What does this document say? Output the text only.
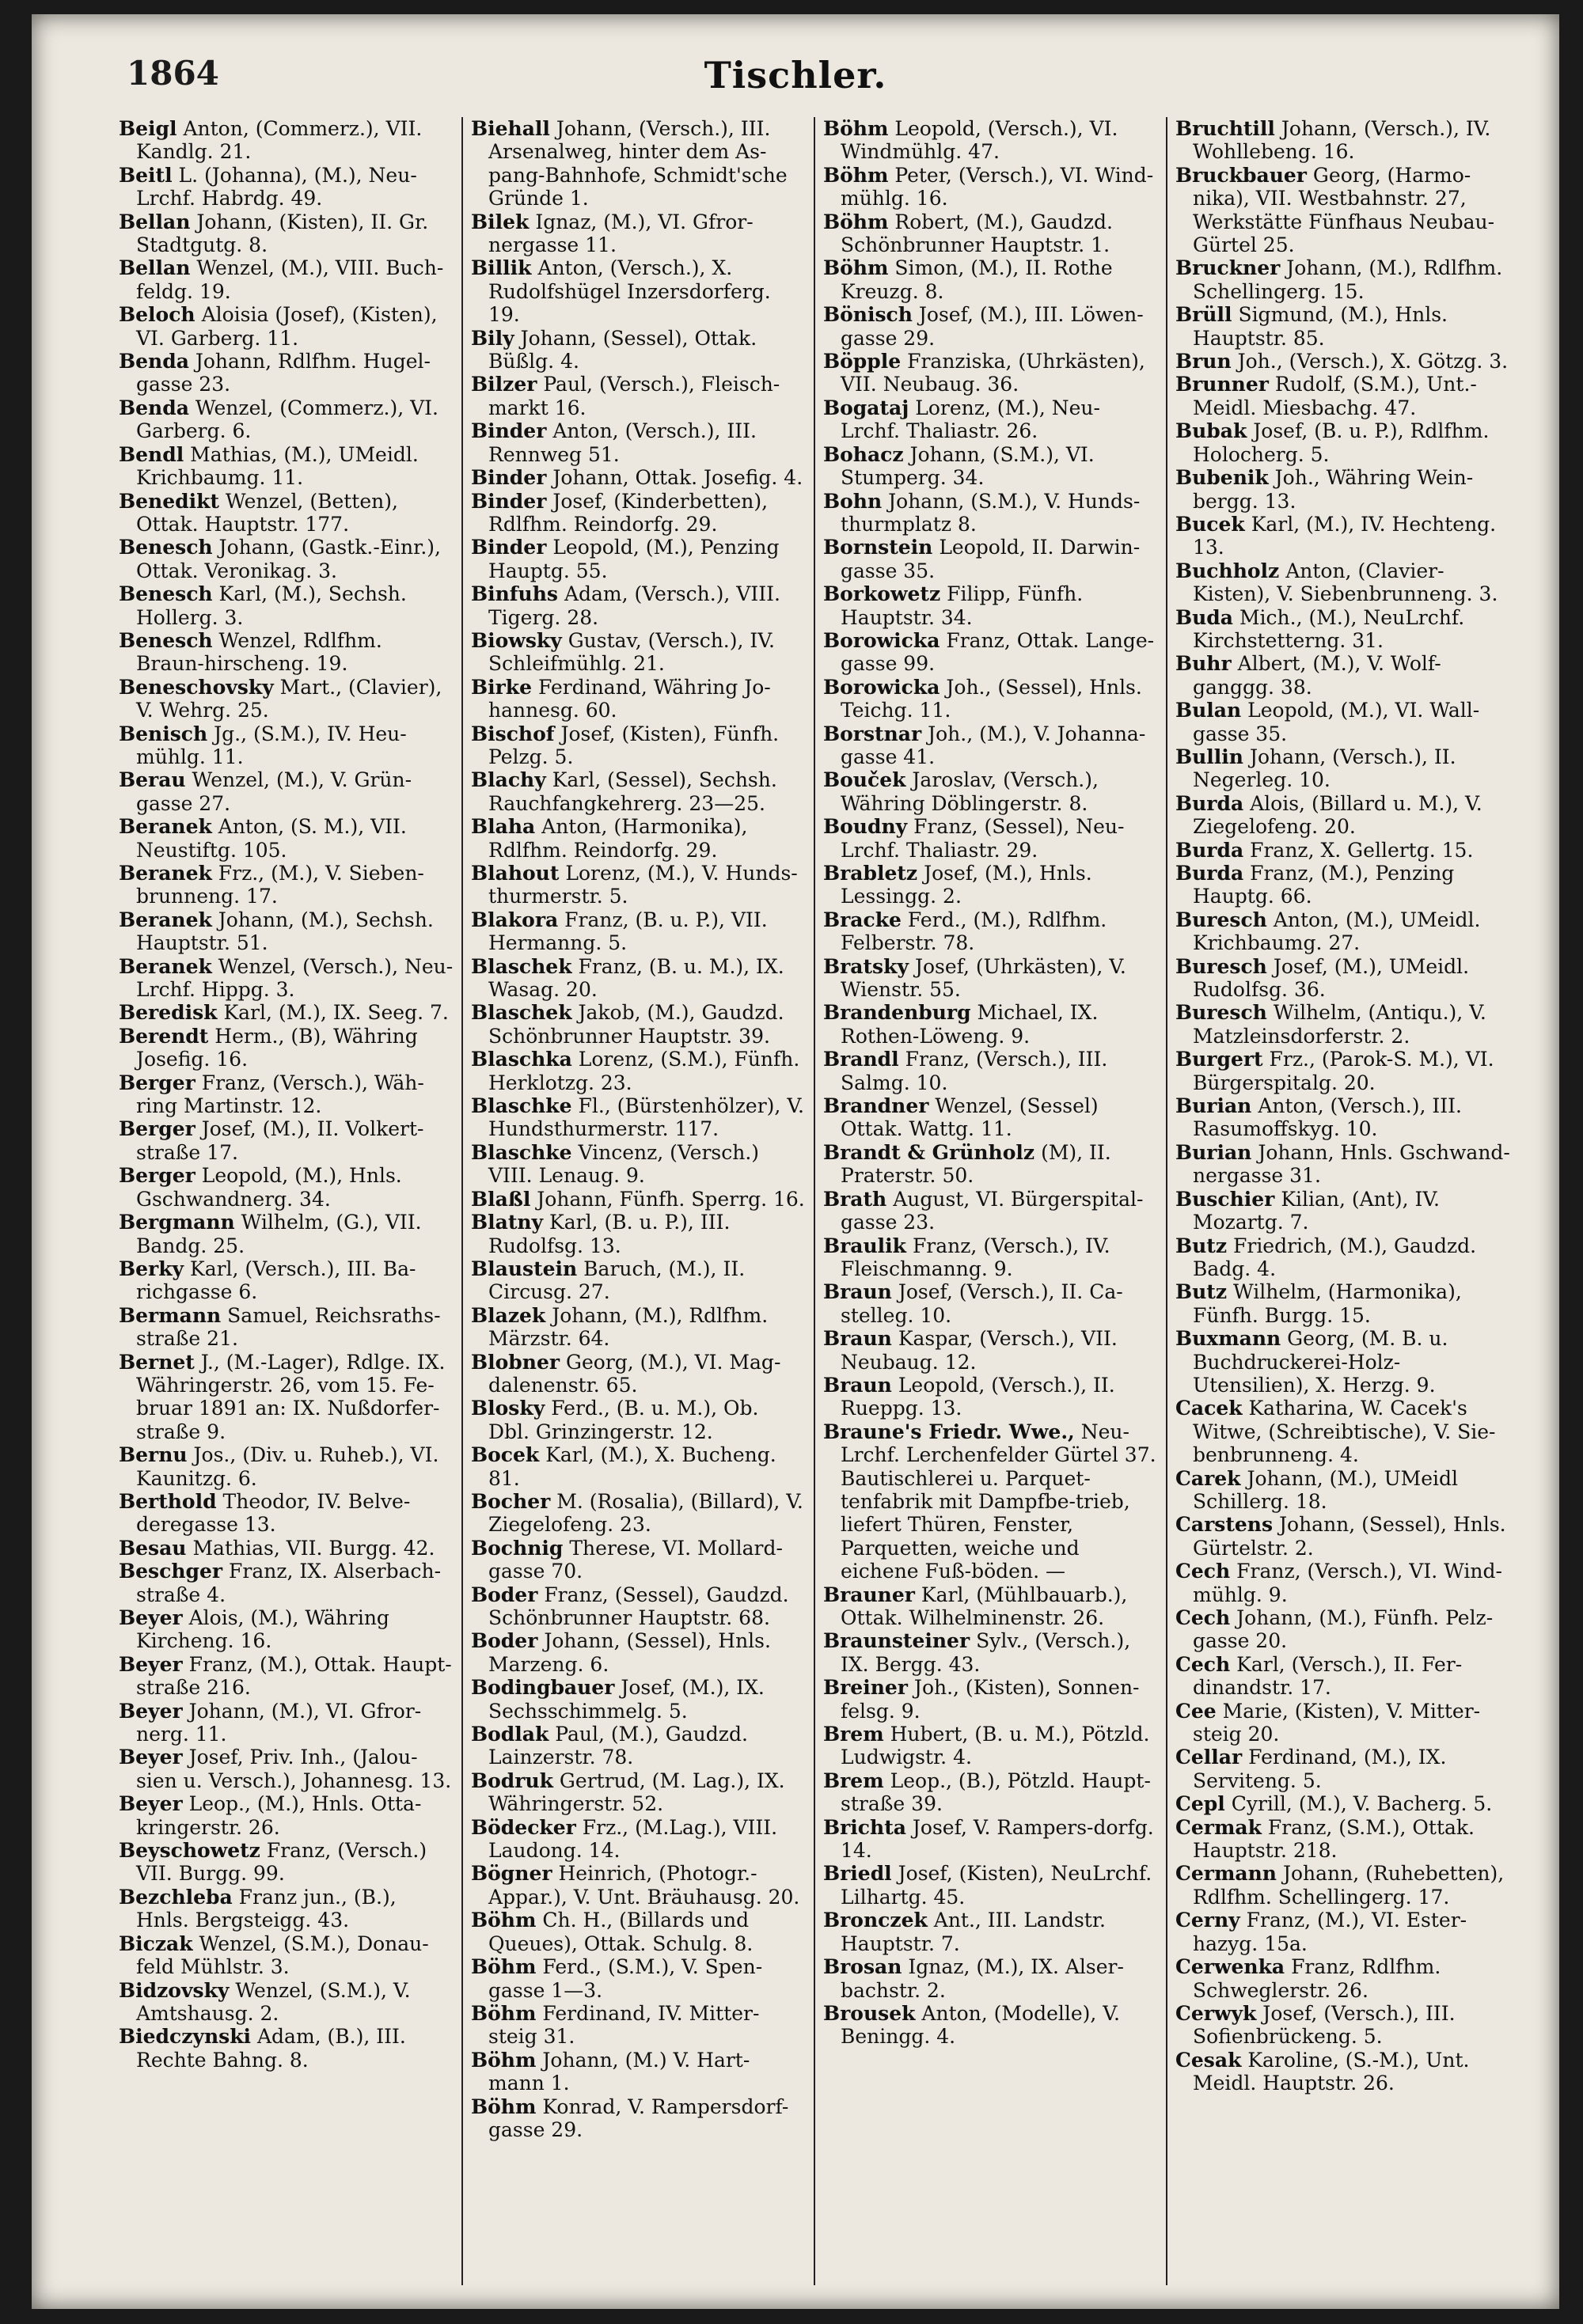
1864	Tischler.
Beigl Anton, (Commerz.), VII. Kandlg. 21.
Beitl L. (Johanna), (M.), Neu-Lrchf. Habrdg. 49.
Bellan Johann, (Kisten), II. Gr. Stadtgutg. 8.
Bellan Wenzel, (M.), VIII. Buch-feldg. 19.
Beloch Aloisia (Josef), (Kisten), VI. Garberg. 11.
Benda Johann, Rdlfhm. Hugel-gasse 23.
Benda Wenzel, (Commerz.), VI. Garberg. 6.
Bendl Mathias, (M.), UMeidl. Krichbaumg. 11.
Benedikt Wenzel, (Betten), Ottak. Hauptstr. 177.
Benesch Johann, (Gastk.-Einr.), Ottak. Veronikag. 3.
Benesch Karl, (M.), Sechsh. Hollerg. 3.
Benesch Wenzel, Rdlfhm. Braun-hirscheng. 19.
Beneschovsky Mart., (Clavier), V. Wehrg. 25.
Benisch Jg., (S.M.), IV. Heu-mühlg. 11.
Berau Wenzel, (M.), V. Grün-gasse 27.
Beranek Anton, (S. M.), VII. Neustiftg. 105.
Beranek Frz., (M.), V. Sieben-brunneng. 17.
Beranek Johann, (M.), Sechsh. Hauptstr. 51.
Beranek Wenzel, (Versch.), Neu-Lrchf. Hippg. 3.
Beredisk Karl, (M.), IX. Seeg. 7.
Berendt Herm., (B), Währing Josefig. 16.
Berger Franz, (Versch.), Wäh-ring Martinstr. 12.
Berger Josef, (M.), II. Volkert-straße 17.
Berger Leopold, (M.), Hnls. Gschwandnerg. 34.
Bergmann Wilhelm, (G.), VII. Bandg. 25.
Berky Karl, (Versch.), III. Ba-richgasse 6.
Bermann Samuel, Reichsraths-straße 21.
Bernet J., (M.-Lager), Rdlge. IX. Währingerstr. 26, vom 15. Fe-bruar 1891 an: IX. Nußdorfer-straße 9.
Bernu Jos., (Div. u. Ruheb.), VI. Kaunitzg. 6.
Berthold Theodor, IV. Belve-deregasse 13.
Besau Mathias, VII. Burgg. 42.
Beschger Franz, IX. Alserbach-straße 4.
Beyer Alois, (M.), Währing Kircheng. 16.
Beyer Franz, (M.), Ottak. Haupt-straße 216.
Beyer Johann, (M.), VI. Gfror-nerg. 11.
Beyer Josef, Priv. Inh., (Jalou-sien u. Versch.), Johannesg. 13.
Beyer Leop., (M.), Hnls. Otta-kringerstr. 26.
Beyschowetz Franz, (Versch.) VII. Burgg. 99.
Bezchleba Franz jun., (B.), Hnls. Bergsteigg. 43.
Biczak Wenzel, (S.M.), Donau-feld Mühlstr. 3.
Bidzovsky Wenzel, (S.M.), V. Amtshausg. 2.
Biedczynski Adam, (B.), III. Rechte Bahng. 8.
Biehall Johann, (Versch.), III. Arsenalweg, hinter dem As-pang-Bahnhofe, Schmidt'sche Gründe 1.
Bilek Ignaz, (M.), VI. Gfror-nergasse 11.
Billik Anton, (Versch.), X. Rudolfshügel Inzersdorferg. 19.
Bily Johann, (Sessel), Ottak. Büßlg. 4.
Bilzer Paul, (Versch.), Fleisch-markt 16.
Binder Anton, (Versch.), III. Rennweg 51.
Binder Johann, Ottak. Josefig. 4.
Binder Josef, (Kinderbetten), Rdlfhm. Reindorfg. 29.
Binder Leopold, (M.), Penzing Hauptg. 55.
Binfuhs Adam, (Versch.), VIII. Tigerg. 28.
Biowsky Gustav, (Versch.), IV. Schleifmühlg. 21.
Birke Ferdinand, Währing Jo-hannesg. 60.
Bischof Josef, (Kisten), Fünfh. Pelzg. 5.
Blachy Karl, (Sessel), Sechsh. Rauchfangkehrerg. 23—25.
Blaha Anton, (Harmonika), Rdlfhm. Reindorfg. 29.
Blahout Lorenz, (M.), V. Hunds-thurmerstr. 5.
Blakora Franz, (B. u. P.), VII. Hermanng. 5.
Blaschek Franz, (B. u. M.), IX. Wasag. 20.
Blaschek Jakob, (M.), Gaudzd. Schönbrunner Hauptstr. 39.
Blaschka Lorenz, (S.M.), Fünfh. Herklotzg. 23.
Blaschke Fl., (Bürstenhölzer), V. Hundsthurmerstr. 117.
Blaschke Vincenz, (Versch.) VIII. Lenaug. 9.
Blaßl Johann, Fünfh. Sperrg. 16.
Blatny Karl, (B. u. P.), III. Rudolfsg. 13.
Blaustein Baruch, (M.), II. Circusg. 27.
Blazek Johann, (M.), Rdlfhm. Märzstr. 64.
Blobner Georg, (M.), VI. Mag-dalenenstr. 65.
Blosky Ferd., (B. u. M.), Ob. Dbl. Grinzingerstr. 12.
Bocek Karl, (M.), X. Bucheng. 81.
Bocher M. (Rosalia), (Billard), V. Ziegelofeng. 23.
Bochnig Therese, VI. Mollard-gasse 70.
Boder Franz, (Sessel), Gaudzd. Schönbrunner Hauptstr. 68.
Boder Johann, (Sessel), Hnls. Marzeng. 6.
Bodingbauer Josef, (M.), IX. Sechsschimmelg. 5.
Bodlak Paul, (M.), Gaudzd. Lainzerstr. 78.
Bodruk Gertrud, (M. Lag.), IX. Währingerstr. 52.
Bödecker Frz., (M.Lag.), VIII. Laudong. 14.
Bögner Heinrich, (Photogr.-Appar.), V. Unt. Bräuhausg. 20.
Böhm Ch. H., (Billards und Queues), Ottak. Schulg. 8.
Böhm Ferd., (S.M.), V. Spen-gasse 1—3.
Böhm Ferdinand, IV. Mitter-steig 31.
Böhm Johann, (M.) V. Hart-mann 1.
Böhm Konrad, V. Rampersdorf-gasse 29.
Böhm Leopold, (Versch.), VI. Windmühlg. 47.
Böhm Peter, (Versch.), VI. Wind-mühlg. 16.
Böhm Robert, (M.), Gaudzd. Schönbrunner Hauptstr. 1.
Böhm Simon, (M.), II. Rothe Kreuzg. 8.
Bönisch Josef, (M.), III. Löwen-gasse 29.
Böpple Franziska, (Uhrkästen), VII. Neubaug. 36.
Bogataj Lorenz, (M.), Neu-Lrchf. Thaliastr. 26.
Bohacz Johann, (S.M.), VI. Stumperg. 34.
Bohn Johann, (S.M.), V. Hunds-thurmplatz 8.
Bornstein Leopold, II. Darwin-gasse 35.
Borkowetz Filipp, Fünfh. Hauptstr. 34.
Borowicka Franz, Ottak. Lange-gasse 99.
Borowicka Joh., (Sessel), Hnls. Teichg. 11.
Borstnar Joh., (M.), V. Johanna-gasse 41.
Bouček Jaroslav, (Versch.), Währing Döblingerstr. 8.
Boudny Franz, (Sessel), Neu-Lrchf. Thaliastr. 29.
Brabletz Josef, (M.), Hnls. Lessingg. 2.
Bracke Ferd., (M.), Rdlfhm. Felberstr. 78.
Bratsky Josef, (Uhrkästen), V. Wienstr. 55.
Brandenburg Michael, IX. Rothen-Löweng. 9.
Brandl Franz, (Versch.), III. Salmg. 10.
Brandner Wenzel, (Sessel) Ottak. Wattg. 11.
Brandt & Grünholz (M), II. Praterstr. 50.
Brath August, VI. Bürgerspital-gasse 23.
Braulik Franz, (Versch.), IV. Fleischmanng. 9.
Braun Josef, (Versch.), II. Ca-stelleg. 10.
Braun Kaspar, (Versch.), VII. Neubaug. 12.
Braun Leopold, (Versch.), II. Rueppg. 13.
Braune's Friedr. Wwe., Neu-Lrchf. Lerchenfelder Gürtel 37. Bautischlerei u. Parquet-tenfabrik mit Dampfbe-trieb, liefert Thüren, Fenster, Parquetten, weiche und eichene Fuß-böden. —
Brauner Karl, (Mühlbauarb.), Ottak. Wilhelminenstr. 26.
Braunsteiner Sylv., (Versch.), IX. Bergg. 43.
Breiner Joh., (Kisten), Sonnen-felsg. 9.
Brem Hubert, (B. u. M.), Pötzld. Ludwigstr. 4.
Brem Leop., (B.), Pötzld. Haupt-straße 39.
Brichta Josef, V. Rampers-dorfg. 14.
Briedl Josef, (Kisten), NeuLrchf. Lilhartg. 45.
Bronczek Ant., III. Landstr. Hauptstr. 7.
Brosan Ignaz, (M.), IX. Alser-bachstr. 2.
Brousek Anton, (Modelle), V. Beningg. 4.
Bruchtill Johann, (Versch.), IV. Wohllebeng. 16.
Bruckbauer Georg, (Harmo-nika), VII. Westbahnstr. 27, Werkstätte Fünfhaus Neubau-Gürtel 25.
Bruckner Johann, (M.), Rdlfhm. Schellingerg. 15.
Brüll Sigmund, (M.), Hnls. Hauptstr. 85.
Brun Joh., (Versch.), X. Götzg. 3.
Brunner Rudolf, (S.M.), Unt.-Meidl. Miesbachg. 47.
Bubak Josef, (B. u. P.), Rdlfhm. Holocherg. 5.
Bubenik Joh., Währing Wein-bergg. 13.
Bucek Karl, (M.), IV. Hechteng. 13.
Buchholz Anton, (Clavier-Kisten), V. Siebenbrunneng. 3.
Buda Mich., (M.), NeuLrchf. Kirchstetterng. 31.
Buhr Albert, (M.), V. Wolf-ganggg. 38.
Bulan Leopold, (M.), VI. Wall-gasse 35.
Bullin Johann, (Versch.), II. Negerleg. 10.
Burda Alois, (Billard u. M.), V. Ziegelofeng. 20.
Burda Franz, X. Gellertg. 15.
Burda Franz, (M.), Penzing Hauptg. 66.
Buresch Anton, (M.), UMeidl. Krichbaumg. 27.
Buresch Josef, (M.), UMeidl. Rudolfsg. 36.
Buresch Wilhelm, (Antiqu.), V. Matzleinsdorferstr. 2.
Burgert Frz., (Parok-S. M.), VI. Bürgerspitalg. 20.
Burian Anton, (Versch.), III. Rasumoffskyg. 10.
Burian Johann, Hnls. Gschwand-nergasse 31.
Buschier Kilian, (Ant), IV. Mozartg. 7.
Butz Friedrich, (M.), Gaudzd. Badg. 4.
Butz Wilhelm, (Harmonika), Fünfh. Burgg. 15.
Buxmann Georg, (M. B. u. Buchdruckerei-Holz-Utensilien), X. Herzg. 9.
Cacek Katharina, W. Cacek's Witwe, (Schreibtische), V. Sie-benbrunneng. 4.
Carek Johann, (M.), UMeidl Schillerg. 18.
Carstens Johann, (Sessel), Hnls. Gürtelstr. 2.
Cech Franz, (Versch.), VI. Wind-mühlg. 9.
Cech Johann, (M.), Fünfh. Pelz-gasse 20.
Cech Karl, (Versch.), II. Fer-dinandstr. 17.
Cee Marie, (Kisten), V. Mitter-steig 20.
Cellar Ferdinand, (M.), IX. Serviteng. 5.
Cepl Cyrill, (M.), V. Bacherg. 5.
Cermak Franz, (S.M.), Ottak. Hauptstr. 218.
Cermann Johann, (Ruhebetten), Rdlfhm. Schellingerg. 17.
Cerny Franz, (M.), VI. Ester-hazyg. 15a.
Cerwenka Franz, Rdlfhm. Schweglerstr. 26.
Cerwyk Josef, (Versch.), III. Sofienbrückeng. 5.
Cesak Karoline, (S.-M.), Unt. Meidl. Hauptstr. 26.
